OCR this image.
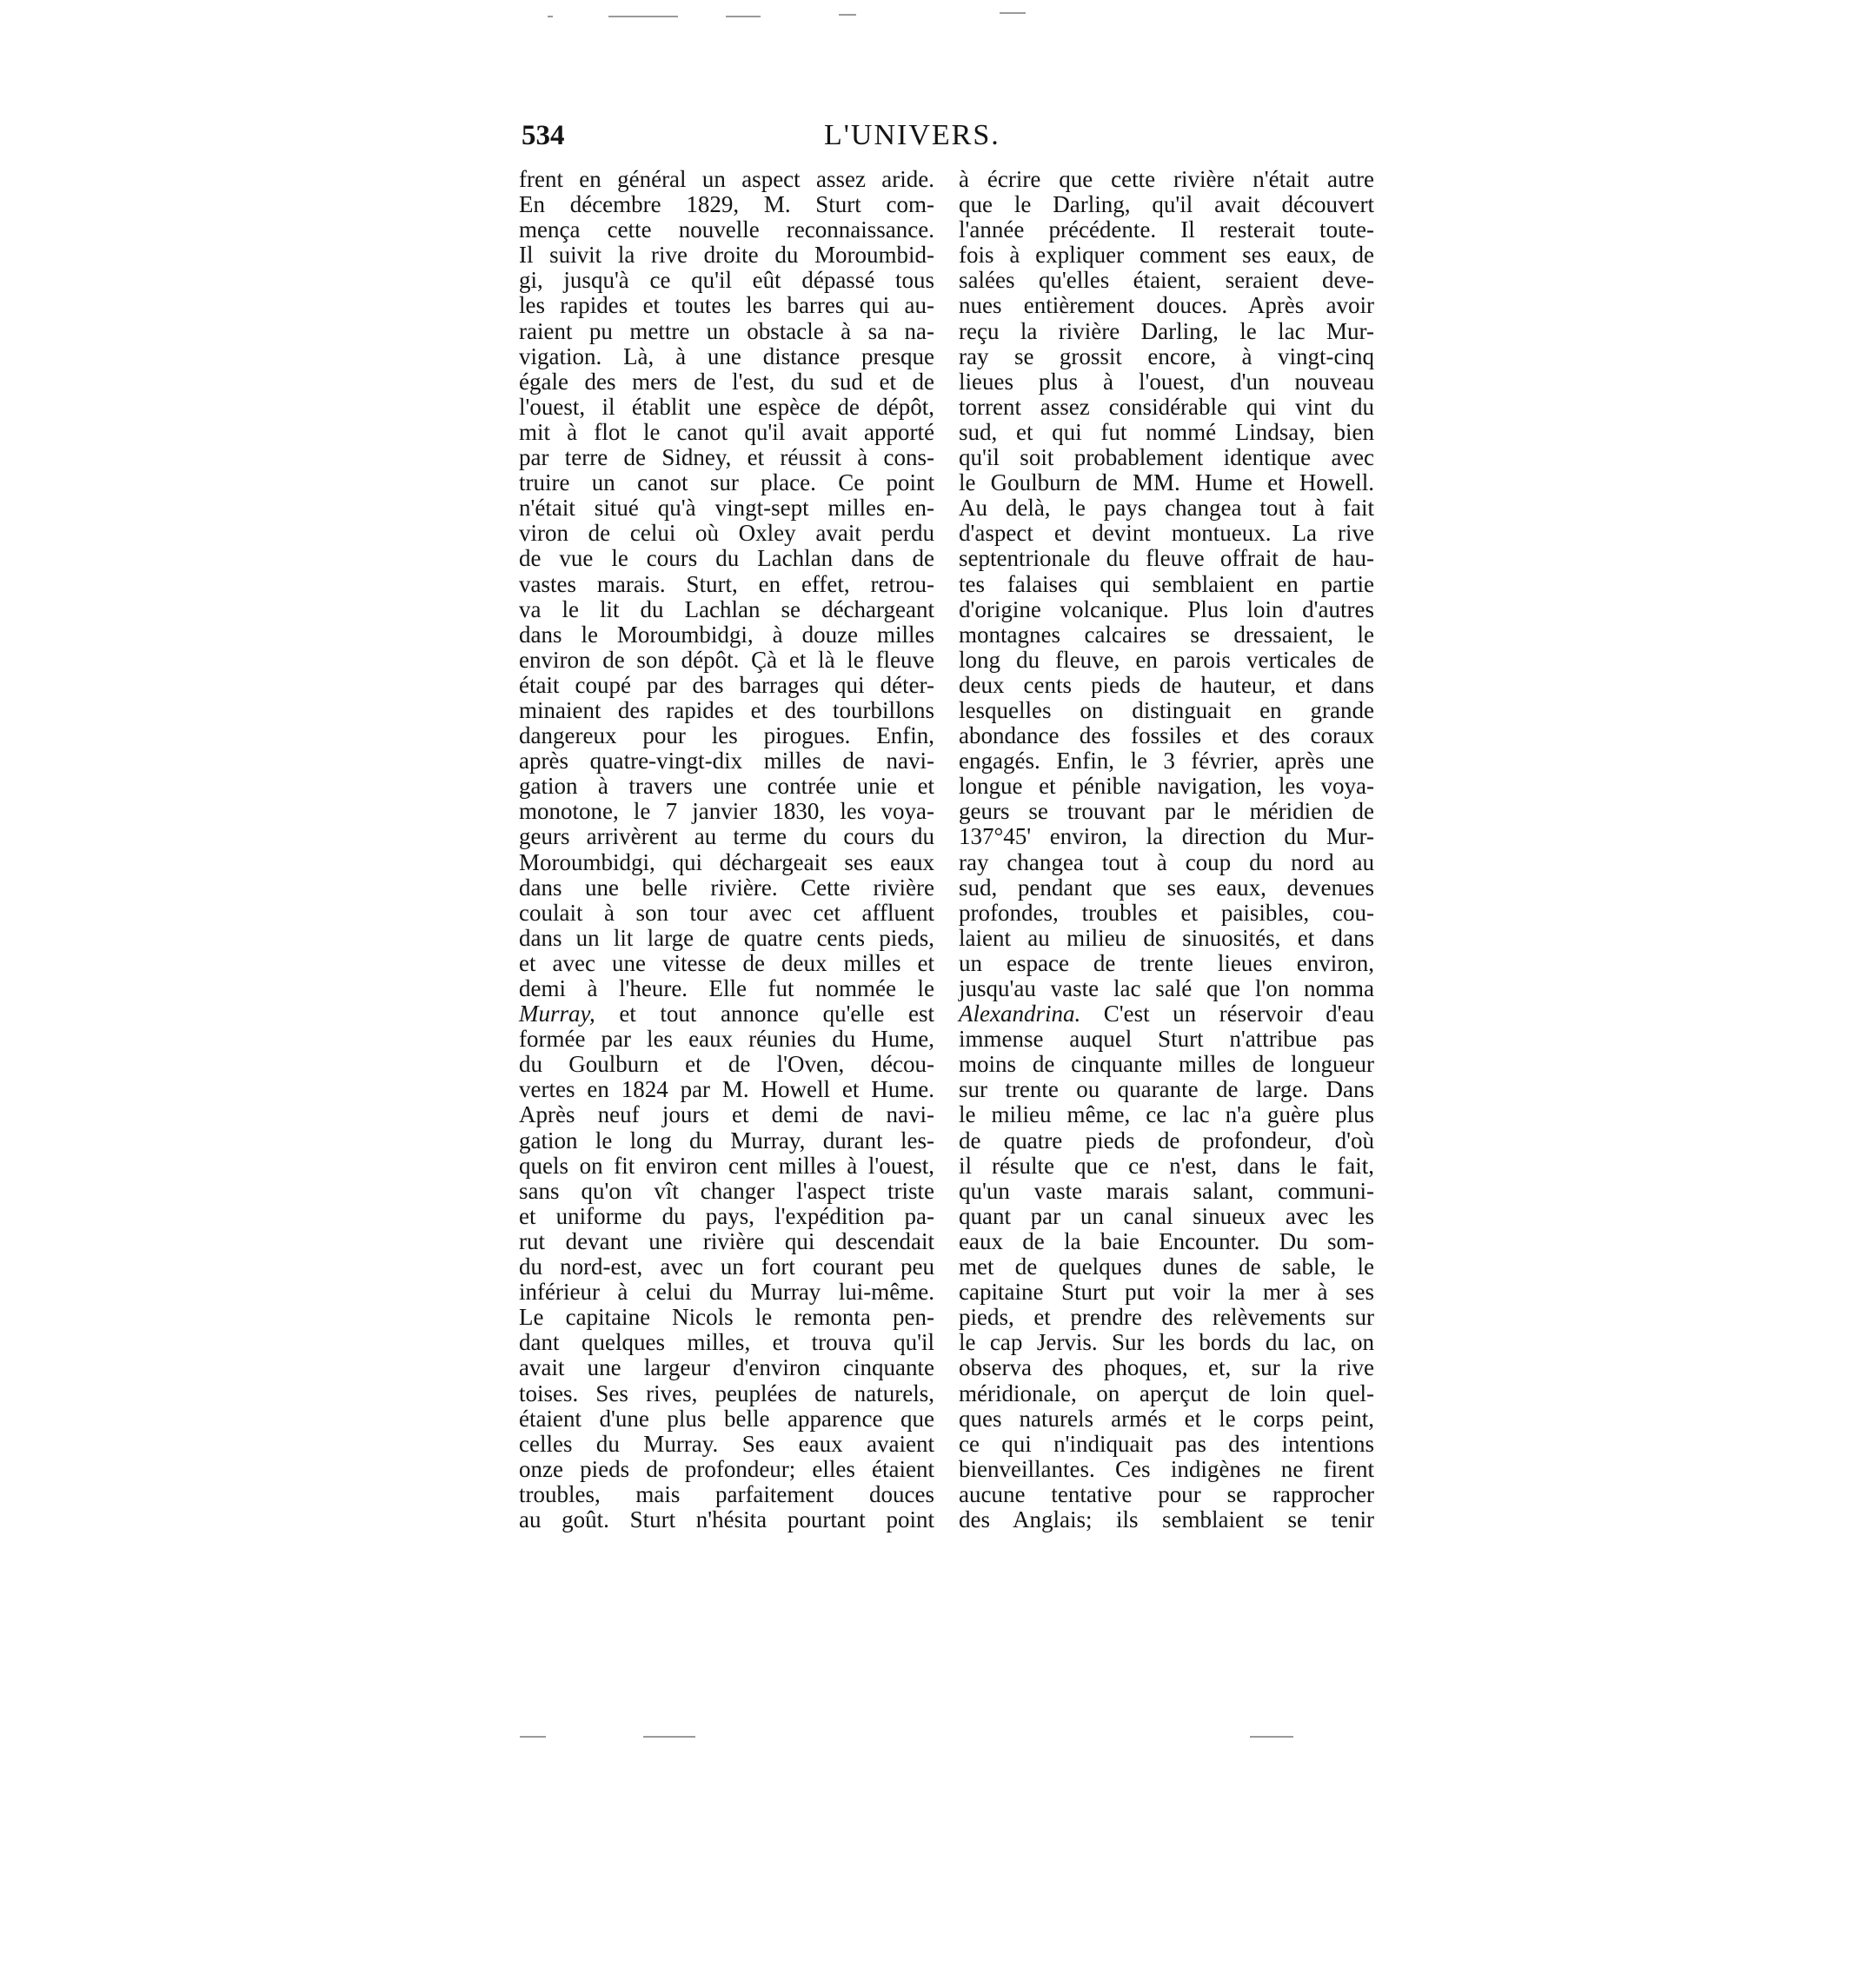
534	L'UNIVERS.
frent en général un aspect assez aride.
En décembre 1829, M. Sturt com-
mença cette nouvelle reconnaissance.
Il suivit la rive droite du Moroumbid-
gi, jusqu'à ce qu'il eût dépassé tous
les rapides et toutes les barres qui au-
raient pu mettre un obstacle à sa na-
vigation. Là, à une distance presque
égale des mers de l'est, du sud et de
l'ouest, il établit une espèce de dépôt,
mit à flot le canot qu'il avait apporté
par terre de Sidney, et réussit à cons-
truire un canot sur place. Ce point
n'était situé qu'à vingt-sept milles en-
viron de celui où Oxley avait perdu
de vue le cours du Lachlan dans de
vastes marais. Sturt, en effet, retrou-
va le lit du Lachlan se déchargeant
dans le Moroumbidgi, à douze milles
environ de son dépôt. Çà et là le fleuve
était coupé par des barrages qui déter-
minaient des rapides et des tourbillons
dangereux pour les pirogues. Enfin,
après quatre-vingt-dix milles de navi-
gation à travers une contrée unie et
monotone, le 7 janvier 1830, les voya-
geurs arrivèrent au terme du cours du
Moroumbidgi, qui déchargeait ses eaux
dans une belle rivière. Cette rivière
coulait à son tour avec cet affluent
dans un lit large de quatre cents pieds,
et avec une vitesse de deux milles et
demi à l'heure. Elle fut nommée le
Murray, et tout annonce qu'elle est
formée par les eaux réunies du Hume,
du Goulburn et de l'Oven, décou-
vertes en 1824 par M. Howell et Hume.
Après neuf jours et demi de navi-
gation le long du Murray, durant les-
quels on fit environ cent milles à l'ouest,
sans qu'on vît changer l'aspect triste
et uniforme du pays, l'expédition pa-
rut devant une rivière qui descendait
du nord-est, avec un fort courant peu
inférieur à celui du Murray lui-même.
Le capitaine Nicols le remonta pen-
dant quelques milles, et trouva qu'il
avait une largeur d'environ cinquante
toises. Ses rives, peuplées de naturels,
étaient d'une plus belle apparence que
celles du Murray. Ses eaux avaient
onze pieds de profondeur; elles étaient
troubles, mais parfaitement douces
au goût. Sturt n'hésita pourtant point
à écrire que cette rivière n'était autre
que le Darling, qu'il avait découvert
l'année précédente. Il resterait toute-
fois à expliquer comment ses eaux, de
salées qu'elles étaient, seraient deve-
nues entièrement douces. Après avoir
reçu la rivière Darling, le lac Mur-
ray se grossit encore, à vingt-cinq
lieues plus à l'ouest, d'un nouveau
torrent assez considérable qui vint du
sud, et qui fut nommé Lindsay, bien
qu'il soit probablement identique avec
le Goulburn de MM. Hume et Howell.
Au delà, le pays changea tout à fait
d'aspect et devint montueux. La rive
septentrionale du fleuve offrait de hau-
tes falaises qui semblaient en partie
d'origine volcanique. Plus loin d'autres
montagnes calcaires se dressaient, le
long du fleuve, en parois verticales de
deux cents pieds de hauteur, et dans
lesquelles on distinguait en grande
abondance des fossiles et des coraux
engagés. Enfin, le 3 février, après une
longue et pénible navigation, les voya-
geurs se trouvant par le méridien de
137°45' environ, la direction du Mur-
ray changea tout à coup du nord au
sud, pendant que ses eaux, devenues
profondes, troubles et paisibles, cou-
laient au milieu de sinuosités, et dans
un espace de trente lieues environ,
jusqu'au vaste lac salé que l'on nomma
Alexandrina. C'est un réservoir d'eau
immense auquel Sturt n'attribue pas
moins de cinquante milles de longueur
sur trente ou quarante de large. Dans
le milieu même, ce lac n'a guère plus
de quatre pieds de profondeur, d'où
il résulte que ce n'est, dans le fait,
qu'un vaste marais salant, communi-
quant par un canal sinueux avec les
eaux de la baie Encounter. Du som-
met de quelques dunes de sable, le
capitaine Sturt put voir la mer à ses
pieds, et prendre des relèvements sur
le cap Jervis. Sur les bords du lac, on
observa des phoques, et, sur la rive
méridionale, on aperçut de loin quel-
ques naturels armés et le corps peint,
ce qui n'indiquait pas des intentions
bienveillantes. Ces indigènes ne firent
aucune tentative pour se rapprocher
des Anglais; ils semblaient se tenir
